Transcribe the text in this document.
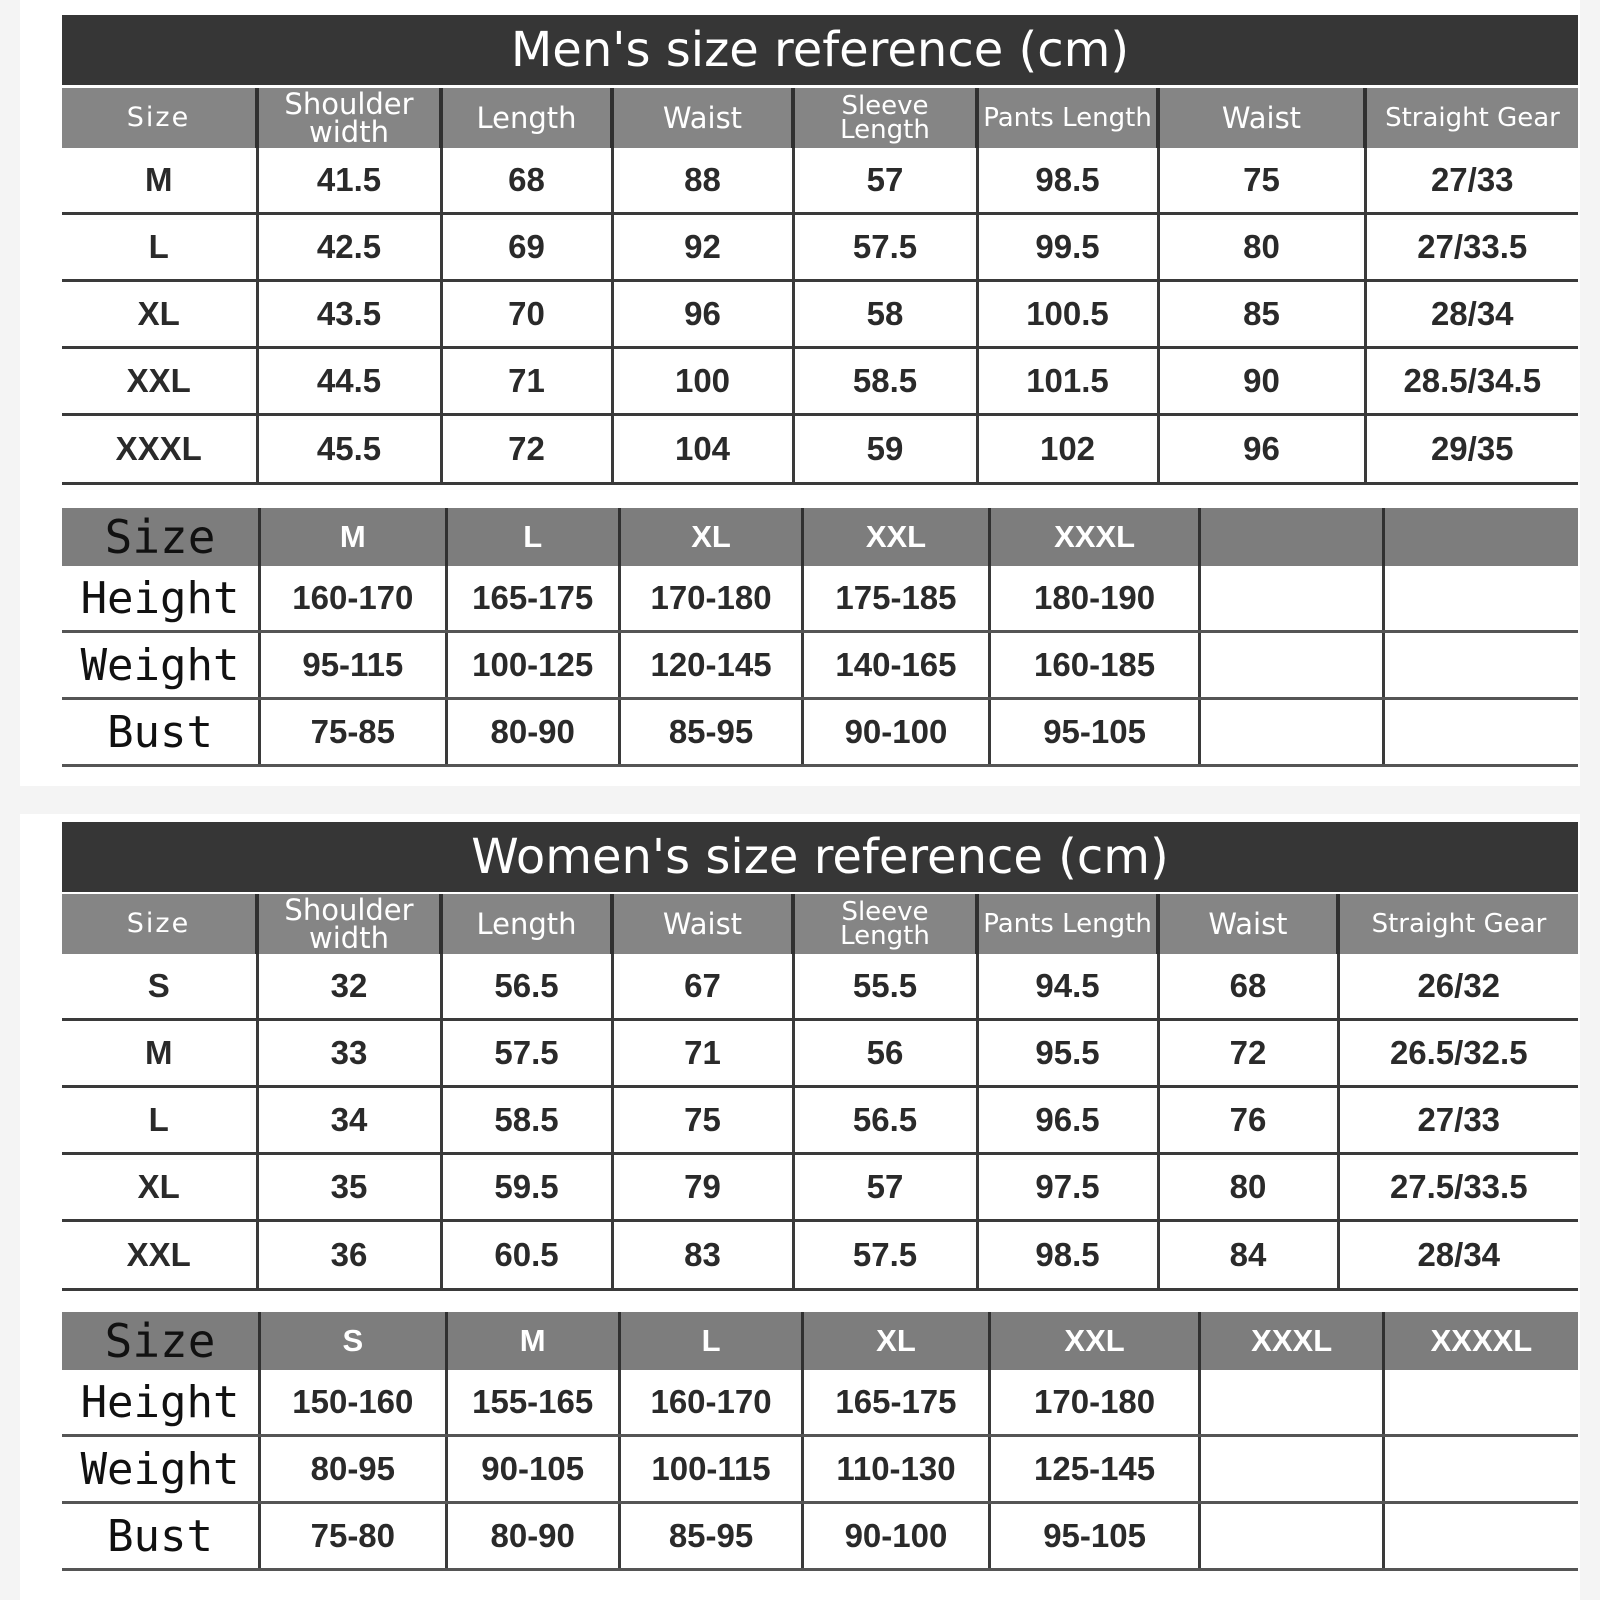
Men's size reference (cm)
Size	Shoulder width	Length	Waist	Sleeve Length	Pants Length	Waist	Straight Gear
M	41.5	68	88	57	98.5	75	27/33
L	42.5	69	92	57.5	99.5	80	27/33.5
XL	43.5	70	96	58	100.5	85	28/34
XXL	44.5	71	100	58.5	101.5	90	28.5/34.5
XXXL	45.5	72	104	59	102	96	29/35
Size	M	L	XL	XXL	XXXL		
Height	160-170	165-175	170-180	175-185	180-190		
Weight	95-115	100-125	120-145	140-165	160-185		
Bust	75-85	80-90	85-95	90-100	95-105		
Women's size reference (cm)
Size	Shoulder width	Length	Waist	Sleeve Length	Pants Length	Waist	Straight Gear
S	32	56.5	67	55.5	94.5	68	26/32
M	33	57.5	71	56	95.5	72	26.5/32.5
L	34	58.5	75	56.5	96.5	76	27/33
XL	35	59.5	79	57	97.5	80	27.5/33.5
XXL	36	60.5	83	57.5	98.5	84	28/34
Size	S	M	L	XL	XXL	XXXL	XXXXL
Height	150-160	155-165	160-170	165-175	170-180		
Weight	80-95	90-105	100-115	110-130	125-145		
Bust	75-80	80-90	85-95	90-100	95-105		
